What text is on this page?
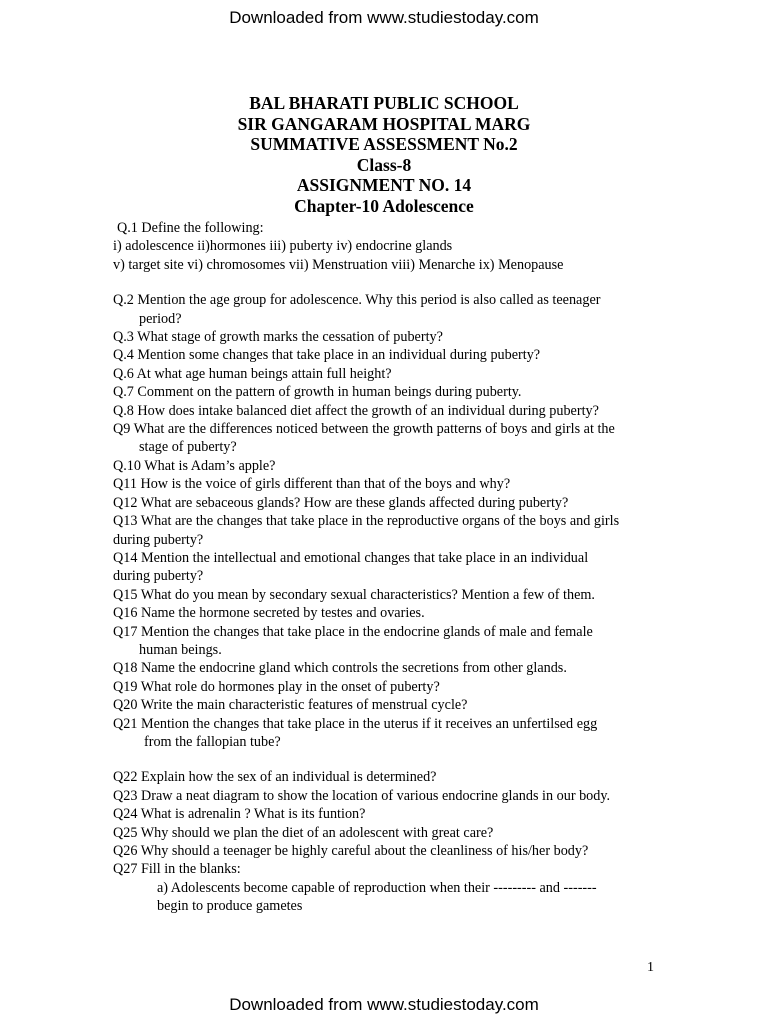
Downloaded from www.studiestoday.com
BAL BHARATI PUBLIC SCHOOL
SIR GANGARAM HOSPITAL MARG
SUMMATIVE ASSESSMENT No.2
Class-8
ASSIGNMENT NO. 14
Chapter-10 Adolescence
Q.1 Define the following:
i) adolescence ii)hormones iii) puberty iv) endocrine glands
v) target site vi) chromosomes vii) Menstruation viii) Menarche ix) Menopause
Q.2 Mention the age group for adolescence. Why this period is also called as teenager
period?
Q.3 What stage of growth marks the cessation of puberty?
Q.4 Mention some changes that take place in an individual during puberty?
Q.6 At what age human beings attain full height?
Q.7 Comment on the pattern of growth in human beings during puberty.
Q.8 How does intake balanced diet affect the growth of an individual during puberty?
Q9 What are the differences noticed between the growth patterns of boys and girls at the
stage of puberty?
Q.10 What is Adam’s apple?
Q11 How is the voice of girls different than that of the boys and why?
Q12 What are sebaceous glands? How are these glands affected during puberty?
Q13 What are the changes that take place in the reproductive organs of the boys and girls
during puberty?
Q14 Mention the intellectual and emotional changes that take place in an individual
during puberty?
Q15 What do you mean by secondary sexual characteristics? Mention a few of them.
Q16 Name the hormone secreted by testes and ovaries.
Q17 Mention the changes that take place in the endocrine glands of male and female
human beings.
Q18 Name the endocrine gland which controls the secretions from other glands.
Q19 What role do hormones play in the onset of puberty?
Q20 Write the main characteristic features of menstrual cycle?
Q21 Mention the changes that take place in the uterus if it receives an unfertilsed egg
from the fallopian tube?
Q22 Explain how the sex of an individual is determined?
Q23 Draw a neat diagram to show the location of various endocrine glands in our body.
Q24 What is adrenalin ? What is its funtion?
Q25 Why should we plan the diet of an adolescent with great care?
Q26 Why should a teenager be highly careful about the cleanliness of his/her body?
Q27 Fill in the blanks:
a) Adolescents become capable of reproduction when their --------- and -------
begin to produce gametes
1
Downloaded from www.studiestoday.com
